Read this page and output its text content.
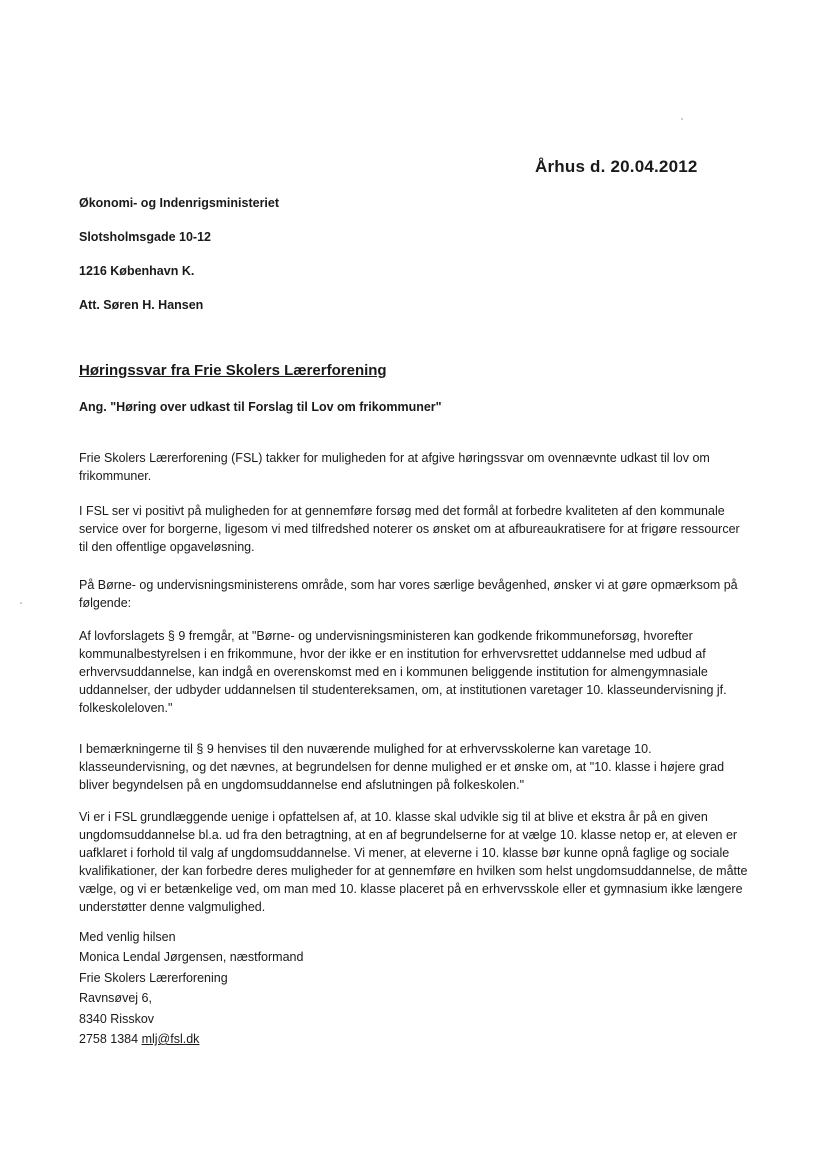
Århus d. 20.04.2012
Økonomi- og Indenrigsministeriet
Slotsholmsgade 10-12
1216 København K.
Att. Søren H. Hansen
Høringssvar fra Frie Skolers Lærerforening
Ang. "Høring over udkast til Forslag til Lov om frikommuner"
Frie Skolers Lærerforening (FSL) takker for muligheden for at afgive høringssvar om ovennævnte udkast til lov om frikommuner.
I FSL ser vi positivt på muligheden for at gennemføre forsøg med det formål at forbedre kvaliteten af den kommunale service over for borgerne, ligesom vi med tilfredshed noterer os ønsket om at afbureaukratisere for at frigøre ressourcer til den offentlige opgaveløsning.
På Børne- og undervisningsministerens område, som har vores særlige bevågenhed, ønsker vi at gøre opmærksom på følgende:
Af lovforslagets § 9 fremgår, at "Børne- og undervisningsministeren kan godkende frikommuneforsøg, hvorefter kommunalbestyrelsen i en frikommune, hvor der ikke er en institution for erhvervsrettet uddannelse med udbud af erhvervsuddannelse, kan indgå en overenskomst med en i kommunen beliggende institution for almengymnasiale uddannelser, der udbyder uddannelsen til studentereksamen, om, at institutionen varetager 10. klasseundervisning jf. folkeskoleloven."
I bemærkningerne til § 9 henvises til den nuværende mulighed for at erhvervsskolerne kan varetage 10. klasseundervisning, og det nævnes, at begrundelsen for denne mulighed er et ønske om, at "10. klasse i højere grad bliver begyndelsen på en ungdomsuddannelse end afslutningen på folkeskolen."
Vi er i FSL grundlæggende uenige i opfattelsen af, at 10. klasse skal udvikle sig til at blive et ekstra år på en given ungdomsuddannelse bl.a. ud fra den betragtning, at en af begrundelserne for at vælge 10. klasse netop er, at eleven er uafklaret i forhold til valg af ungdomsuddannelse. Vi mener, at eleverne i 10. klasse bør kunne opnå faglige og sociale kvalifikationer, der kan forbedre deres muligheder for at gennemføre en hvilken som helst ungdomsuddannelse, de måtte vælge, og vi er betænkelige ved, om man med 10. klasse placeret på en erhvervsskole eller et gymnasium ikke længere understøtter denne valgmulighed.
Med venlig hilsen
Monica Lendal Jørgensen, næstformand
Frie Skolers Lærerforening
Ravnsøvej 6,
8340 Risskov
2758 1384 mlj@fsl.dk
